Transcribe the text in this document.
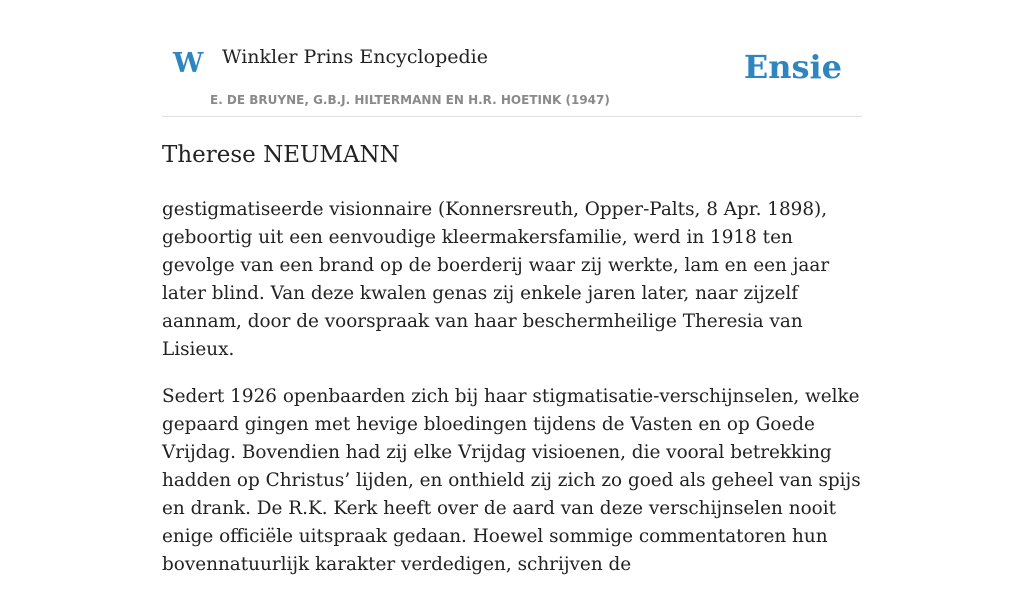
W Winkler Prins Encyclopedie
E. DE BRUYNE, G.B.J. HILTERMANN EN H.R. HOETINK (1947)
Ensie
Therese NEUMANN

gestigmatiseerde visionnaire (Konnersreuth, Opper-Palts, 8 Apr. 1898), geboortig uit een eenvoudige kleermakersfamilie, werd in 1918 ten gevolge van een brand op de boerderij waar zij werkte, lam en een jaar later blind. Van deze kwalen genas zij enkele jaren later, naar zijzelf aannam, door de voorspraak van haar beschermheilige Theresia van Lisieux.

Sedert 1926 openbaarden zich bij haar stigmatisatie-verschijnselen, welke gepaard gingen met hevige bloedingen tijdens de Vasten en op Goede Vrijdag. Bovendien had zij elke Vrijdag visioenen, die vooral betrekking hadden op Christus’ lijden, en onthield zij zich zo goed als geheel van spijs en drank. De R.K. Kerk heeft over de aard van deze verschijnselen nooit enige officiële uitspraak gedaan. Hoewel sommige commentatoren hun bovennatuurlijk karakter verdedigen, schrijven de
